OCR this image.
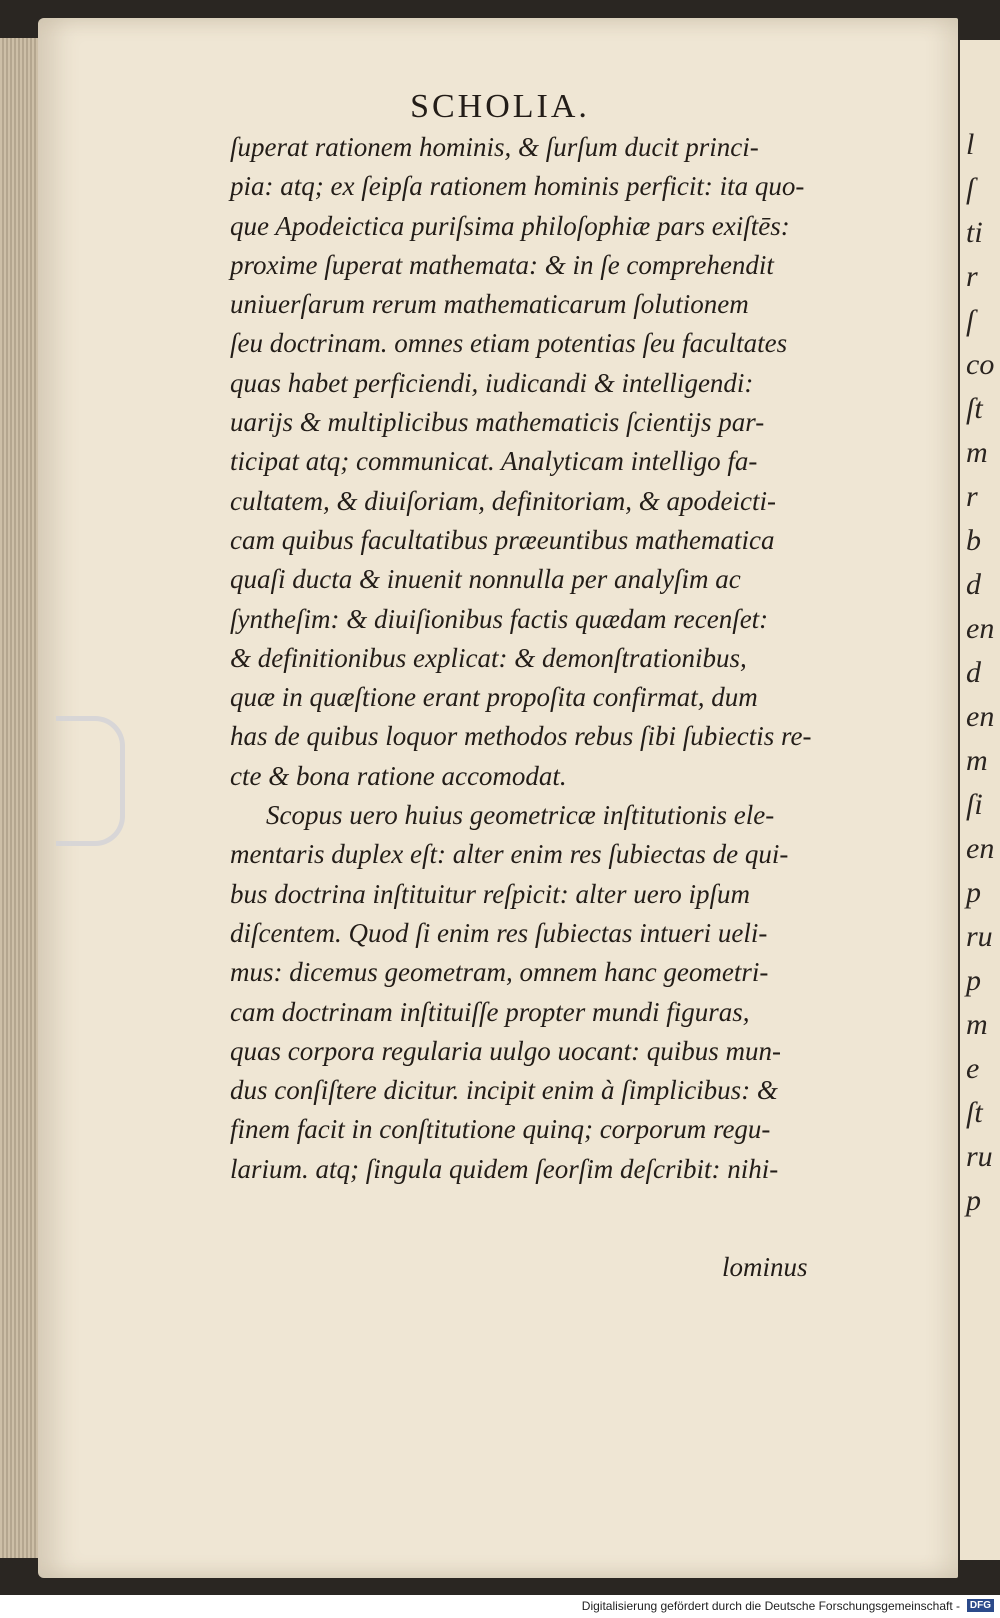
l
ſ
ti
r
ſ
co
ſt
m
r
b
d
en
d
en
m
ſi
en
p
ru
p
m
e
ſt
ru
p
SCHOLIA.
ſuperat rationem hominis, & ſurſum ducit princi-
pia: atq; ex ſeipſa rationem hominis perficit: ita quo-
que Apodeictica puriſsima philoſophiæ pars exiſtēs:
proxime ſuperat mathemata: & in ſe comprehendit
uniuerſarum rerum mathematicarum ſolutionem
ſeu doctrinam. omnes etiam potentias ſeu facultates
quas habet perficiendi, iudicandi & intelligendi:
uarijs & multiplicibus mathematicis ſcientijs par-
ticipat atq; communicat. Analyticam intelligo fa-
cultatem, & diuiſoriam, definitoriam, & apodeicti-
cam quibus facultatibus præeuntibus mathematica
quaſi ducta & inuenit nonnulla per analyſim ac
ſyntheſim: & diuiſionibus factis quædam recenſet:
& definitionibus explicat: & demonſtrationibus,
quæ in quæſtione erant propoſita confirmat, dum
has de quibus loquor methodos rebus ſibi ſubiectis re-
cte & bona ratione accomodat.
Scopus uero huius geometricæ inſtitutionis ele-
mentaris duplex eſt: alter enim res ſubiectas de qui-
bus doctrina inſtituitur reſpicit: alter uero ipſum
diſcentem. Quod ſi enim res ſubiectas intueri ueli-
mus: dicemus geometram, omnem hanc geometri-
cam doctrinam inſtituiſſe propter mundi figuras,
quas corpora regularia uulgo uocant: quibus mun-
dus conſiſtere dicitur. incipit enim à ſimplicibus: &
finem facit in conſtitutione quinq; corporum regu-
larium. atq; ſingula quidem ſeorſim deſcribit: nihi-
lominus
Digitalisierung gefördert durch die Deutsche Forschungsgemeinschaft - DFG
